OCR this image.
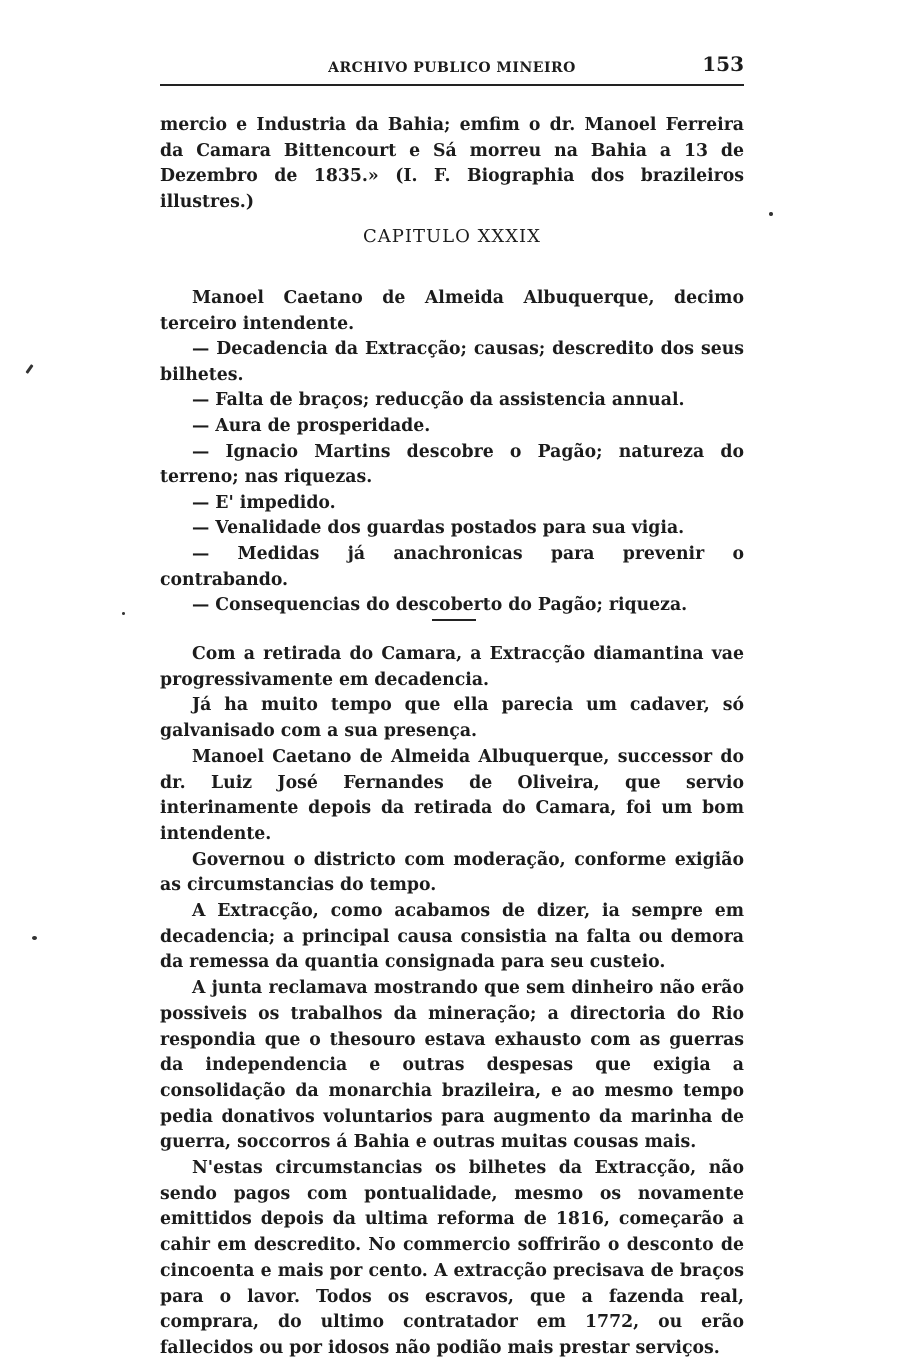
ARCHIVO PUBLICO MINEIRO	153

mercio e Industria da Bahia; emfim o dr. Manoel Ferreira da Camara Bittencourt e Sá morreu na Bahia a 13 de Dezembro de 1835.» (I. F. Biographia dos brazileiros illustres.)

CAPITULO XXXIX

Manoel Caetano de Almeida Albuquerque, decimo terceiro intendente.

— Decadencia da Extracção; causas; descredito dos seus bilhetes.

— Falta de braços; reducção da assistencia annual.

— Aura de prosperidade.

— Ignacio Martins descobre o Pagão; natureza do terreno; nas riquezas.

— E' impedido.

— Venalidade dos guardas postados para sua vigia.

— Medidas já anachronicas para prevenir o contrabando.

— Consequencias do descoberto do Pagão; riqueza.

Com a retirada do Camara, a Extracção diamantina vae progressivamente em decadencia.

Já ha muito tempo que ella parecia um cadaver, só galvanisado com a sua presença.

Manoel Caetano de Almeida Albuquerque, successor do dr. Luiz José Fernandes de Oliveira, que servio interinamente depois da retirada do Camara, foi um bom intendente.

Governou o districto com moderação, conforme exigião as circumstancias do tempo.

A Extracção, como acabamos de dizer, ia sempre em decadencia; a principal causa consistia na falta ou demora da remessa da quantia consignada para seu custeio.

A junta reclamava mostrando que sem dinheiro não erão possiveis os trabalhos da mineração; a directoria do Rio respondia que o thesouro estava exhausto com as guerras da independencia e outras despesas que exigia a consolidação da monarchia brazileira, e ao mesmo tempo pedia donativos voluntarios para augmento da marinha de guerra, soccorros á Bahia e outras muitas cousas mais.

N'estas circumstancias os bilhetes da Extracção, não sendo pagos com pontualidade, mesmo os novamente emittidos depois da ultima reforma de 1816, começarão a cahir em descredito. No commercio soffrirão o desconto de cincoenta e mais por cento. A extracção precisava de braços para o lavor. Todos os escravos, que a fazenda real, comprara, do ultimo contratador em 1772, ou erão fallecidos ou por idosos não podião mais prestar serviços.
